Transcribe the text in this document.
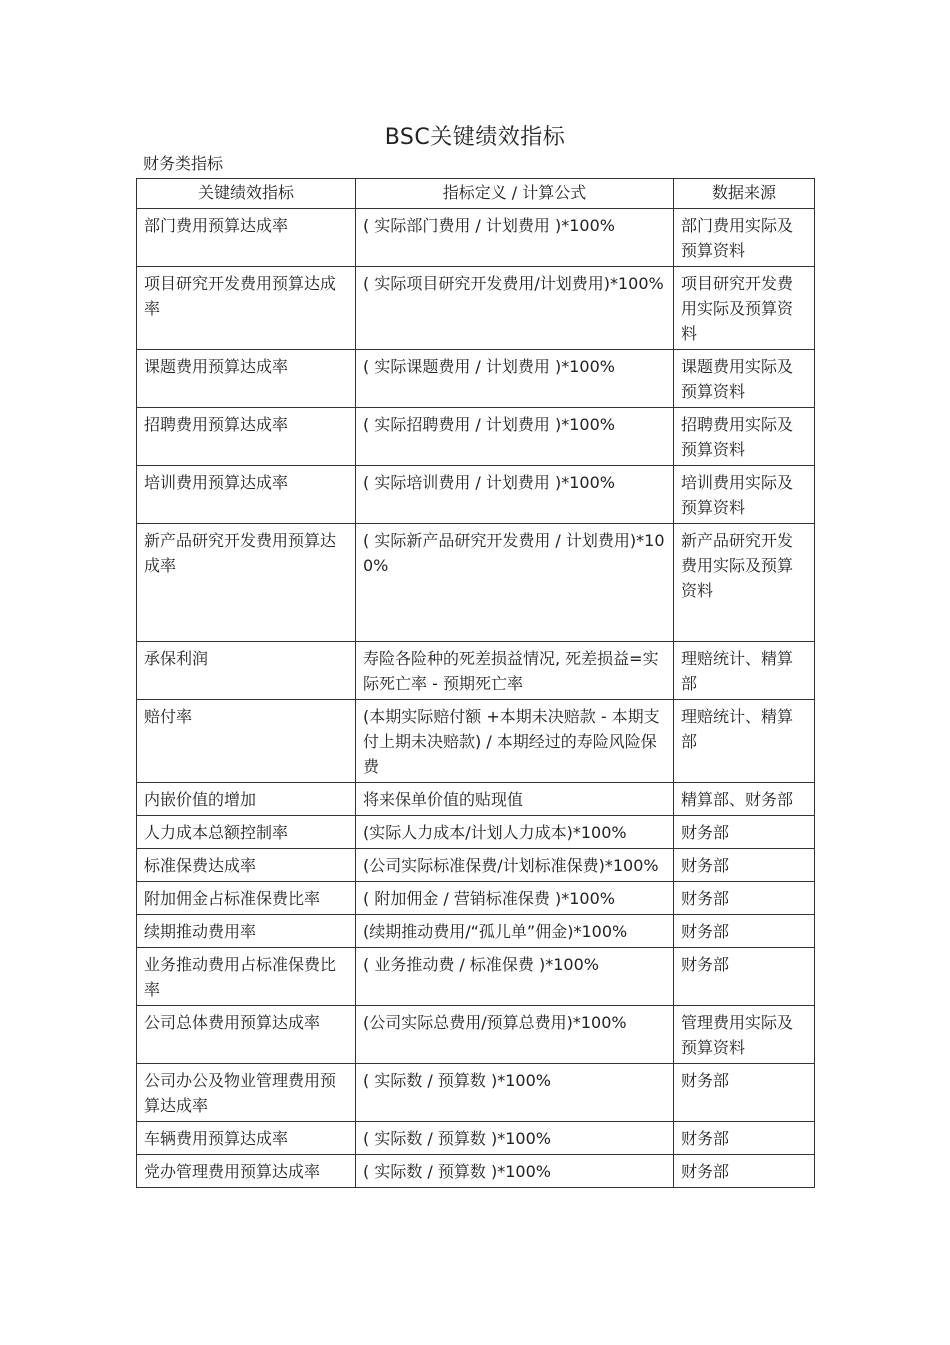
BSC关键绩效指标
财务类指标
关键绩效指标	指标定义 / 计算公式	数据来源
部门费用预算达成率	( 实际部门费用 / 计划费用 )*100%	部门费用实际及预算资料
项目研究开发费用预算达成率	( 实际项目研究开发费用/计划费用)*100%	项目研究开发费用实际及预算资料
课题费用预算达成率	( 实际课题费用 / 计划费用 )*100%	课题费用实际及预算资料
招聘费用预算达成率	( 实际招聘费用 / 计划费用 )*100%	招聘费用实际及预算资料
培训费用预算达成率	( 实际培训费用 / 计划费用 )*100%	培训费用实际及预算资料
新产品研究开发费用预算达成率	( 实际新产品研究开发费用 / 计划费用)*100%	新产品研究开发费用实际及预算资料
承保利润	寿险各险种的死差损益情况, 死差损益=实际死亡率 - 预期死亡率	理赔统计、精算部
赔付率	(本期实际赔付额 +本期未决赔款 - 本期支付上期未决赔款) / 本期经过的寿险风险保费	理赔统计、精算部
内嵌价值的增加	将来保单价值的贴现值	精算部、财务部
人力成本总额控制率	(实际人力成本/计划人力成本)*100%	财务部
标准保费达成率	(公司实际标准保费/计划标准保费)*100%	财务部
附加佣金占标准保费比率	( 附加佣金 / 营销标准保费 )*100%	财务部
续期推动费用率	(续期推动费用/“孤儿单”佣金)*100%	财务部
业务推动费用占标准保费比率	( 业务推动费 / 标准保费 )*100%	财务部
公司总体费用预算达成率	(公司实际总费用/预算总费用)*100%	管理费用实际及预算资料
公司办公及物业管理费用预算达成率	( 实际数 / 预算数 )*100%	财务部
车辆费用预算达成率	( 实际数 / 预算数 )*100%	财务部
党办管理费用预算达成率	( 实际数 / 预算数 )*100%	财务部
